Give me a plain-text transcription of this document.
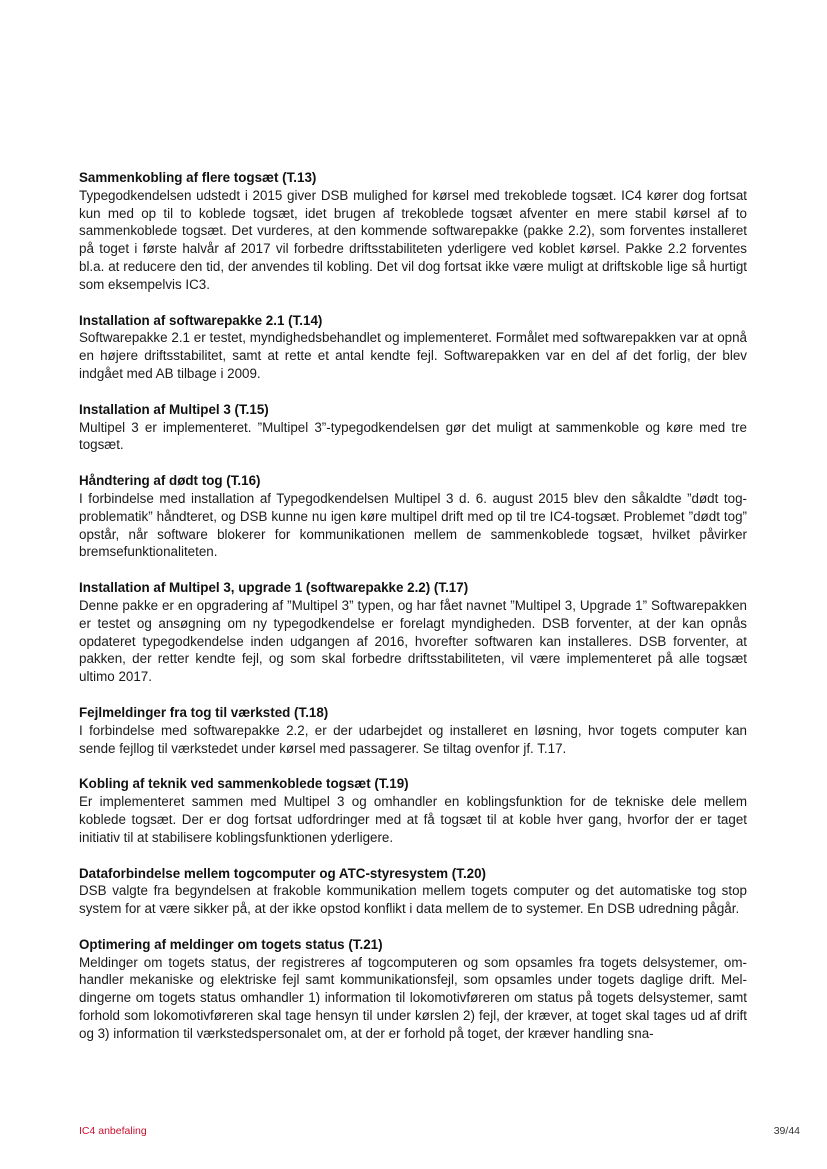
Sammenkobling af flere togsæt (T.13)

Typegodkendelsen udstedt i 2015 giver DSB mulighed for kørsel med trekoblede togsæt. IC4 kører dog fortsat kun med op til to koblede togsæt, idet brugen af trekoblede togsæt afventer en mere stabil kørsel af to sammenkoblede togsæt. Det vurderes, at den kommende softwarepakke (pakke 2.2), som forventes installeret på toget i første halvår af 2017 vil forbedre driftsstabiliteten yderligere ved koblet kørsel. Pakke 2.2 forventes bl.a. at reducere den tid, der anvendes til kobling. Det vil dog fortsat ikke være muligt at driftskoble lige så hurtigt som eksempelvis IC3.

Installation af softwarepakke 2.1 (T.14)

Softwarepakke 2.1 er testet, myndighedsbehandlet og implementeret. Formålet med softwarepakken var at opnå en højere driftsstabilitet, samt at rette et antal kendte fejl. Softwarepakken var en del af det forlig, der blev indgået med AB tilbage i 2009.

Installation af Multipel 3 (T.15)

Multipel 3 er implementeret. ”Multipel 3”-typegodkendelsen gør det muligt at sammenkoble og køre med tre togsæt.

Håndtering af dødt tog (T.16)

I forbindelse med installation af Typegodkendelsen Multipel 3 d. 6. august 2015 blev den såkaldte ”dødt togproblematik” håndteret, og DSB kunne nu igen køre multipel drift med op til tre IC4-togsæt. Problemet ”dødt tog” opstår, når software blokerer for kommunikationen mellem de sammenkoblede togsæt, hvilket påvirker bremsefunktionaliteten.

Installation af Multipel 3, upgrade 1 (softwarepakke 2.2) (T.17)

Denne pakke er en opgradering af ”Multipel 3” typen, og har fået navnet ”Multipel 3, Upgrade 1” Softwarepakken er testet og ansøgning om ny typegodkendelse er forelagt myndigheden. DSB forventer, at der kan opnås opdateret typegodkendelse inden udgangen af 2016, hvorefter softwaren kan installeres. DSB forventer, at pakken, der retter kendte fejl, og som skal forbedre driftsstabiliteten, vil være implementeret på alle togsæt ultimo 2017.

Fejlmeldinger fra tog til værksted (T.18)

I forbindelse med softwarepakke 2.2, er der udarbejdet og installeret en løsning, hvor togets computer kan sende fejllog til værkstedet under kørsel med passagerer. Se tiltag ovenfor jf. T.17.

Kobling af teknik ved sammenkoblede togsæt (T.19)

Er implementeret sammen med Multipel 3 og omhandler en koblingsfunktion for de tekniske dele mellem koblede togsæt. Der er dog fortsat udfordringer med at få togsæt til at koble hver gang, hvorfor der er taget initiativ til at stabilisere koblingsfunktionen yderligere.

Dataforbindelse mellem togcomputer og ATC-styresystem (T.20)

DSB valgte fra begyndelsen at frakoble kommunikation mellem togets computer og det automatiske tog stop system for at være sikker på, at der ikke opstod konflikt i data mellem de to systemer. En DSB udredning pågår.

Optimering af meldinger om togets status (T.21)

Meldinger om togets status, der registreres af togcomputeren og som opsamles fra togets delsystemer, omhandler mekaniske og elektriske fejl samt kommunikationsfejl, som opsamles under togets daglige drift. Meldingerne om togets status omhandler 1) information til lokomotivføreren om status på togets delsystemer, samt forhold som lokomotivføreren skal tage hensyn til under kørslen 2) fejl, der kræver, at toget skal tages ud af drift og 3) information til værkstedspersonalet om, at der er forhold på toget, der kræver handling sna-

IC4 anbefaling	39/44
